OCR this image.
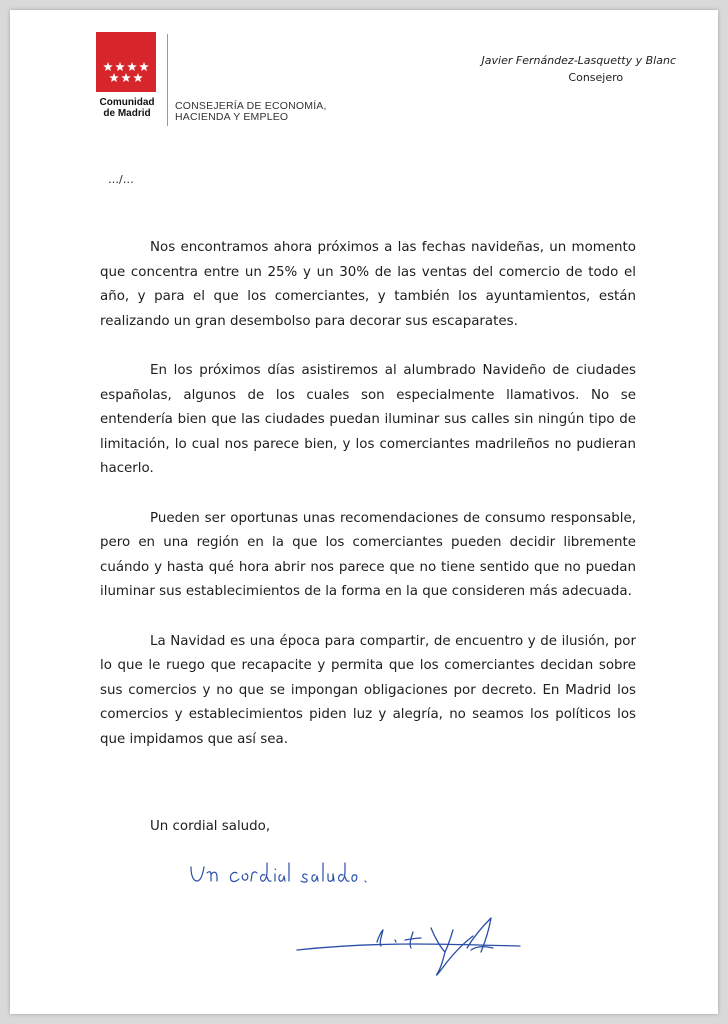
Comunidad
de Madrid
CONSEJERÍA DE ECONOMÍA,
HACIENDA Y EMPLEO
Javier Fernández-Lasquetty y Blanc
Consejero
…/…

Nos encontramos ahora próximos a las fechas navideñas, un momento que concentra entre un 25% y un 30% de las ventas del comercio de todo el año, y para el que los comerciantes, y también los ayuntamientos, están realizando un gran desembolso para decorar sus escaparates.

En los próximos días asistiremos al alumbrado Navideño de ciudades españolas, algunos de los cuales son especialmente llamativos. No se entendería bien que las ciudades puedan iluminar sus calles sin ningún tipo de limitación, lo cual nos parece bien, y los comerciantes madrileños no pudieran hacerlo.

Pueden ser oportunas unas recomendaciones de consumo responsable, pero en una región en la que los comerciantes pueden decidir libremente cuándo y hasta qué hora abrir nos parece que no tiene sentido que no puedan iluminar sus establecimientos de la forma en la que consideren más adecuada.

La Navidad es una época para compartir, de encuentro y de ilusión, por lo que le ruego que recapacite y permita que los comerciantes decidan sobre sus comercios y no que se impongan obligaciones por decreto. En Madrid los comercios y establecimientos piden luz y alegría, no seamos los políticos los que impidamos que así sea.

Un cordial saludo,
